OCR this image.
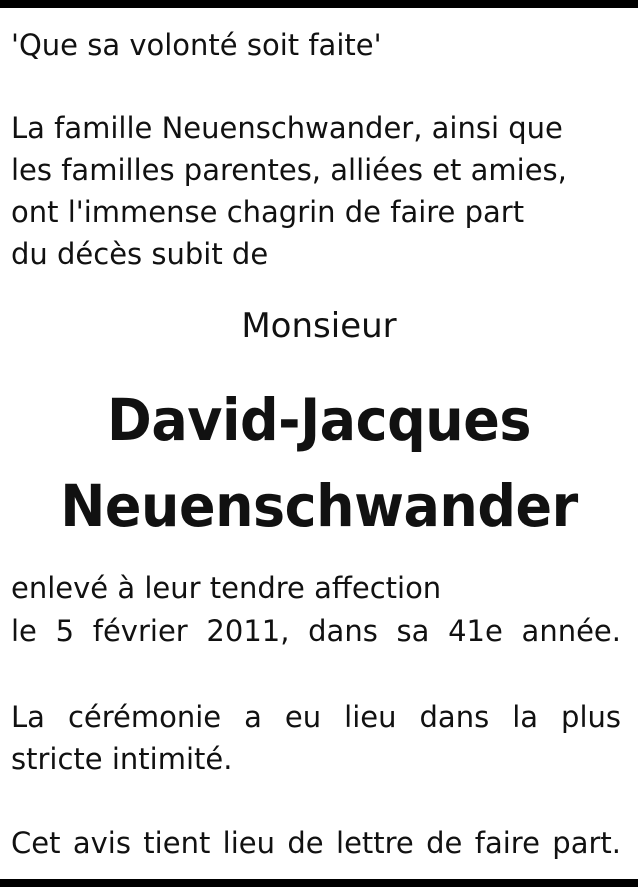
'Que sa volonté soit faite'

La famille Neuenschwander, ainsi que

les familles parentes, alliées et amies,

ont l'immense chagrin de faire part

du décès subit de

Monsieur

David-Jacques

Neuenschwander

enlevé à leur tendre affection

le 5 février 2011, dans sa 41e année.

La cérémonie a eu lieu dans la plus

stricte intimité.

Cet avis tient lieu de lettre de faire part.
